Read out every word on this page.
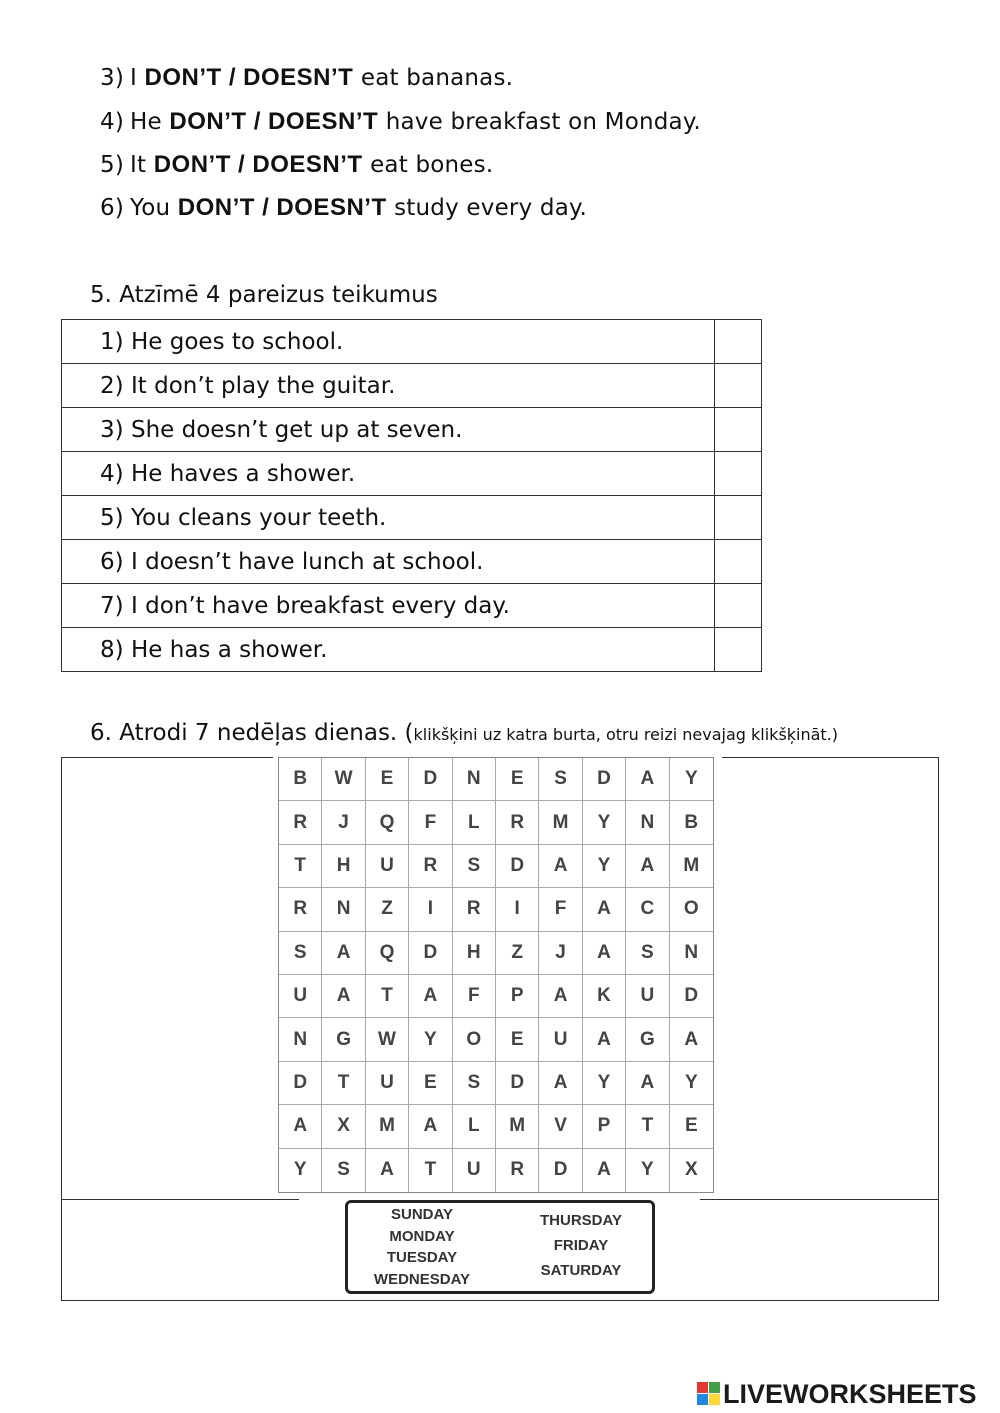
3) I DON’T / DOESN’T eat bananas.
4) He DON’T / DOESN’T have breakfast on Monday.
5) It DON’T / DOESN’T eat bones.
6) You DON’T / DOESN’T study every day.
5. Atzīmē 4 pareizus teikumus
1) He goes to school.	
2) It don’t play the guitar.	
3) She doesn’t get up at seven.	
4) He haves a shower.	
5) You cleans your teeth.	
6) I doesn’t have lunch at school.	
7) I don’t have breakfast every day.	
8) He has a shower.	
6. Atrodi 7 nedēļas dienas. (klikšķini uz katra burta, otru reizi nevajag klikšķināt.)
B	W	E	D	N	E	S	D	A	Y
R	J	Q	F	L	R	M	Y	N	B
T	H	U	R	S	D	A	Y	A	M
R	N	Z	I	R	I	F	A	C	O
S	A	Q	D	H	Z	J	A	S	N
U	A	T	A	F	P	A	K	U	D
N	G	W	Y	O	E	U	A	G	A
D	T	U	E	S	D	A	Y	A	Y
A	X	M	A	L	M	V	P	T	E
Y	S	A	T	U	R	D	A	Y	X
SUNDAY
MONDAY
TUESDAY
WEDNESDAY
THURSDAY
FRIDAY
SATURDAY
LIVEWORKSHEETS
